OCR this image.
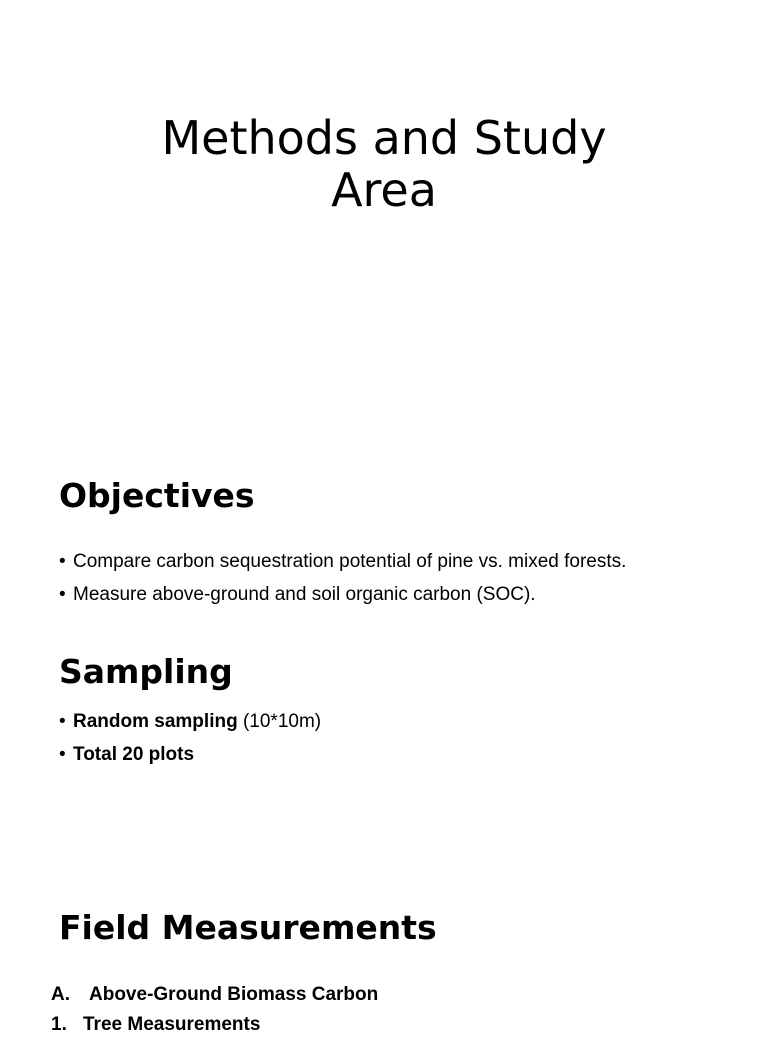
Methods and Study
Area
Objectives
• Compare carbon sequestration potential of pine vs. mixed forests.
• Measure above-ground and soil organic carbon (SOC).
Sampling
• Random sampling (10*10m)
• Total 20 plots
Field Measurements
A. Above-Ground Biomass Carbon
1. Tree Measurements
